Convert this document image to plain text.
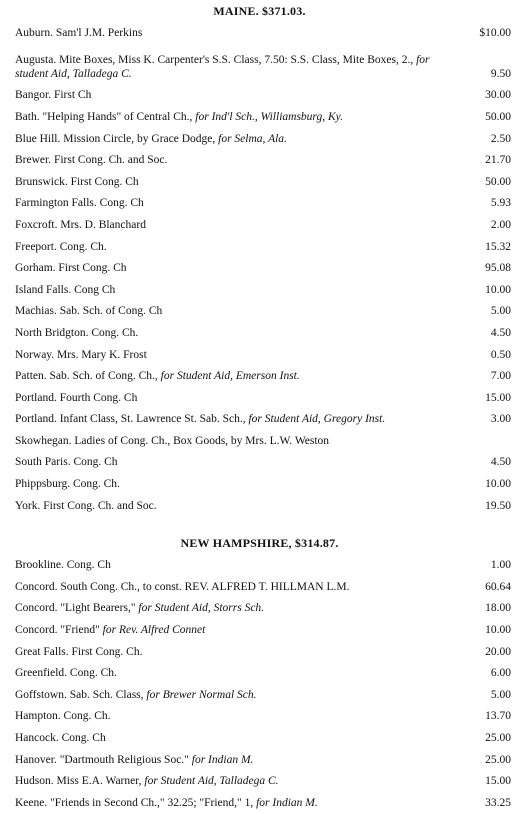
MAINE. $371.03.
Auburn. Sam'l J.M. Perkins	$10.00
Augusta. Mite Boxes, Miss K. Carpenter's S.S. Class, 7.50: S.S. Class, Mite Boxes, 2., for student Aid, Talladega C.	9.50
Bangor. First Ch	30.00
Bath. "Helping Hands" of Central Ch., for Ind'l Sch., Williamsburg, Ky.	50.00
Blue Hill. Mission Circle, by Grace Dodge, for Selma, Ala.	2.50
Brewer. First Cong. Ch. and Soc.	21.70
Brunswick. First Cong. Ch	50.00
Farmington Falls. Cong. Ch	5.93
Foxcroft. Mrs. D. Blanchard	2.00
Freeport. Cong. Ch.	15.32
Gorham. First Cong. Ch	95.08
Island Falls. Cong Ch	10.00
Machias. Sab. Sch. of Cong. Ch	5.00
North Bridgton. Cong. Ch.	4.50
Norway. Mrs. Mary K. Frost	0.50
Patten. Sab. Sch. of Cong. Ch., for Student Aid, Emerson Inst.	7.00
Portland. Fourth Cong. Ch	15.00
Portland. Infant Class, St. Lawrence St. Sab. Sch., for Student Aid, Gregory Inst.	3.00
Skowhegan. Ladies of Cong. Ch., Box Goods, by Mrs. L.W. Weston
South Paris. Cong. Ch	4.50
Phippsburg. Cong. Ch.	10.00
York. First Cong. Ch. and Soc.	19.50
NEW HAMPSHIRE, $314.87.
Brookline. Cong. Ch	1.00
Concord. South Cong. Ch., to const. REV. ALFRED T. HILLMAN L.M.	60.64
Concord. "Light Bearers," for Student Aid, Storrs Sch.	18.00
Concord. "Friend" for Rev. Alfred Connet	10.00
Great Falls. First Cong. Ch.	20.00
Greenfield. Cong. Ch.	6.00
Goffstown. Sab. Sch. Class, for Brewer Normal Sch.	5.00
Hampton. Cong. Ch.	13.70
Hancock. Cong. Ch	25.00
Hanover. "Dartmouth Religious Soc." for Indian M.	25.00
Hudson. Miss E.A. Warner, for Student Aid, Talladega C.	15.00
Keene. "Friends in Second Ch.," 32.25; "Friend," 1, for Indian M.	33.25
